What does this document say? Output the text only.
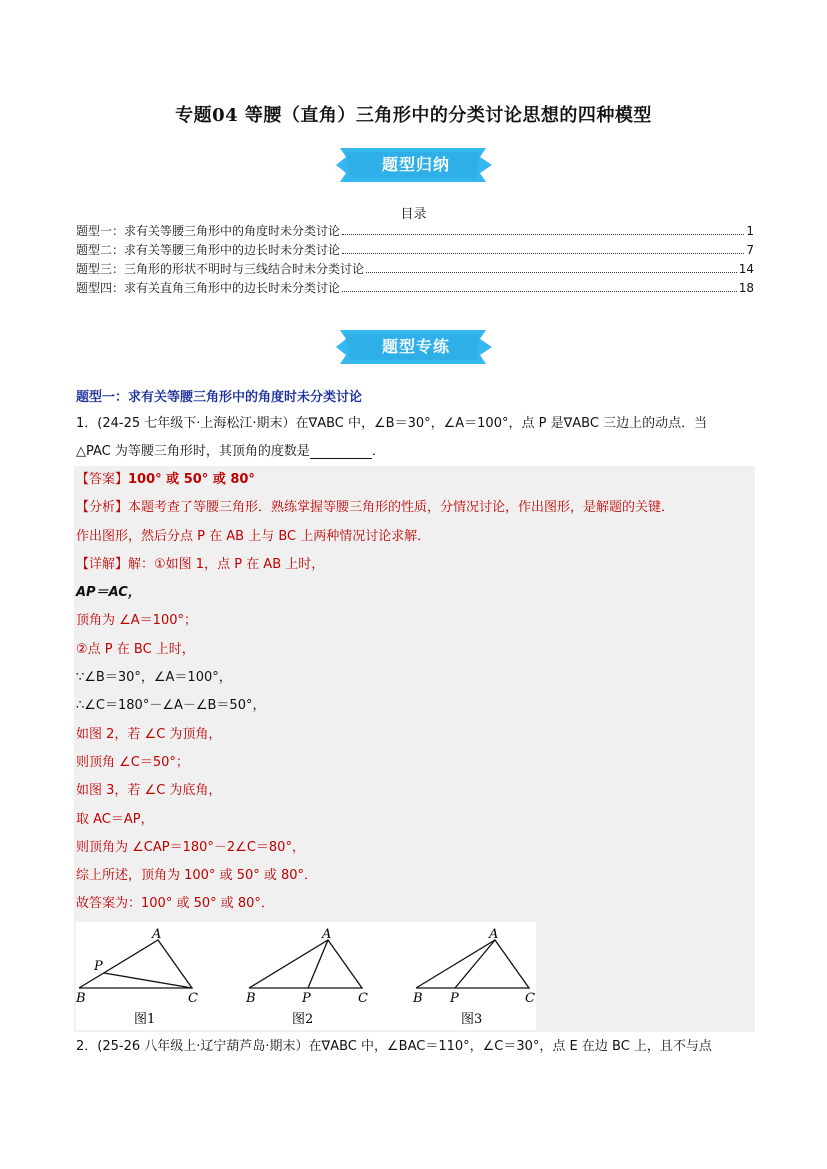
专题04 等腰（直角）三角形中的分类讨论思想的四种模型
题型归纳
目录
题型一：求有关等腰三角形中的角度时未分类讨论	1
题型二：求有关等腰三角形中的边长时未分类讨论	7
题型三：三角形的形状不明时与三线结合时未分类讨论	14
题型四：求有关直角三角形中的边长时未分类讨论	18
题型专练
题型一：求有关等腰三角形中的角度时未分类讨论
1．(24-25 七年级下·上海松江·期末）在∇ABC 中，∠B＝30°，∠A＝100°，点 P 是∇ABC 三边上的动点．当
△PAC 为等腰三角形时，其顶角的度数是	．
【答案】100° 或 50° 或 80°
【分析】本题考查了等腰三角形．熟练掌握等腰三角形的性质，分情况讨论，作出图形，是解题的关键．
作出图形，然后分点 P 在 AB 上与 BC 上两种情况讨论求解．
【详解】解：①如图 1，点 P 在 AB 上时，
AP＝AC，
顶角为 ∠A＝100°；
②点 P 在 BC 上时，
∵∠B＝30°，∠A＝100°，
∴∠C＝180°－∠A－∠B＝50°，
如图 2，若 ∠C 为顶角，
则顶角 ∠C＝50°；
如图 3，若 ∠C 为底角，
取 AC＝AP，
则顶角为 ∠CAP＝180°－2∠C＝80°，
综上所述，顶角为 100° 或 50° 或 80°．
故答案为：100° 或 50° 或 80°．
A
P
B	C
图1
A
B	P	C
图2
A
B P	C
图3
2．(25-26 八年级上·辽宁葫芦岛·期末）在∇ABC 中，∠BAC＝110°，∠C＝30°，点 E 在边 BC 上，且不与点
